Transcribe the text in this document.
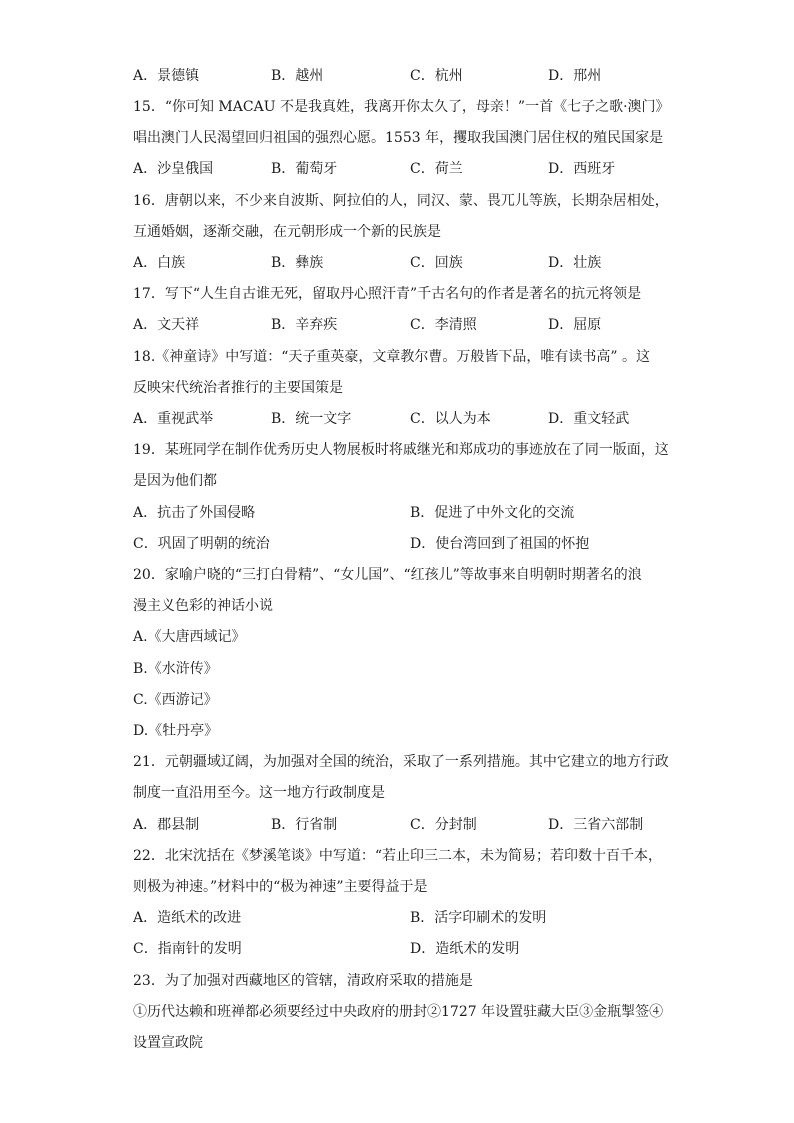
A．景德镇	B．越州	C．杭州	D．邢州
15．“你可知 MACAU 不是我真姓，我离开你太久了，母亲！”一首《七子之歌·澳门》
唱出澳门人民渴望回归祖国的强烈心愿。1553 年，攫取我国澳门居住权的殖民国家是
A．沙皇俄国	B．葡萄牙	C．荷兰	D．西班牙
16．唐朝以来，不少来自波斯、阿拉伯的人，同汉、蒙、畏兀儿等族，长期杂居相处，
互通婚姻，逐渐交融，在元朝形成一个新的民族是
A．白族	B．彝族	C．回族	D．壮族
17．写下“人生自古谁无死，留取丹心照汗青”千古名句的作者是著名的抗元将领是
A．文天祥	B．辛弃疾	C．李清照	D．屈原
18.《神童诗》中写道：“天子重英豪，文章教尔曹。万般皆下品，唯有读书高” 。这
反映宋代统治者推行的主要国策是
A．重视武举	B．统一文字	C．以人为本	D．重文轻武
19．某班同学在制作优秀历史人物展板时将戚继光和郑成功的事迹放在了同一版面，这
是因为他们都
A．抗击了外国侵略	B．促进了中外文化的交流
C．巩固了明朝的统治	D．使台湾回到了祖国的怀抱
20．家喻户晓的“三打白骨精”、“女儿国”、“红孩儿”等故事来自明朝时期著名的浪
漫主义色彩的神话小说
A.《大唐西域记》
B.《水浒传》
C.《西游记》
D.《牡丹亭》
21．元朝疆域辽阔，为加强对全国的统治，采取了一系列措施。其中它建立的地方行政
制度一直沿用至今。这一地方行政制度是
A．郡县制	B．行省制	C．分封制	D．三省六部制
22．北宋沈括在《梦溪笔谈》中写道：“若止印三二本，未为简易；若印数十百千本，
则极为神速。”材料中的“极为神速”主要得益于是
A．造纸术的改进	B．活字印刷术的发明
C．指南针的发明	D．造纸术的发明
23．为了加强对西藏地区的管辖，清政府采取的措施是
①历代达赖和班禅都必须要经过中央政府的册封②1727 年设置驻藏大臣③金瓶掣签④
设置宣政院
